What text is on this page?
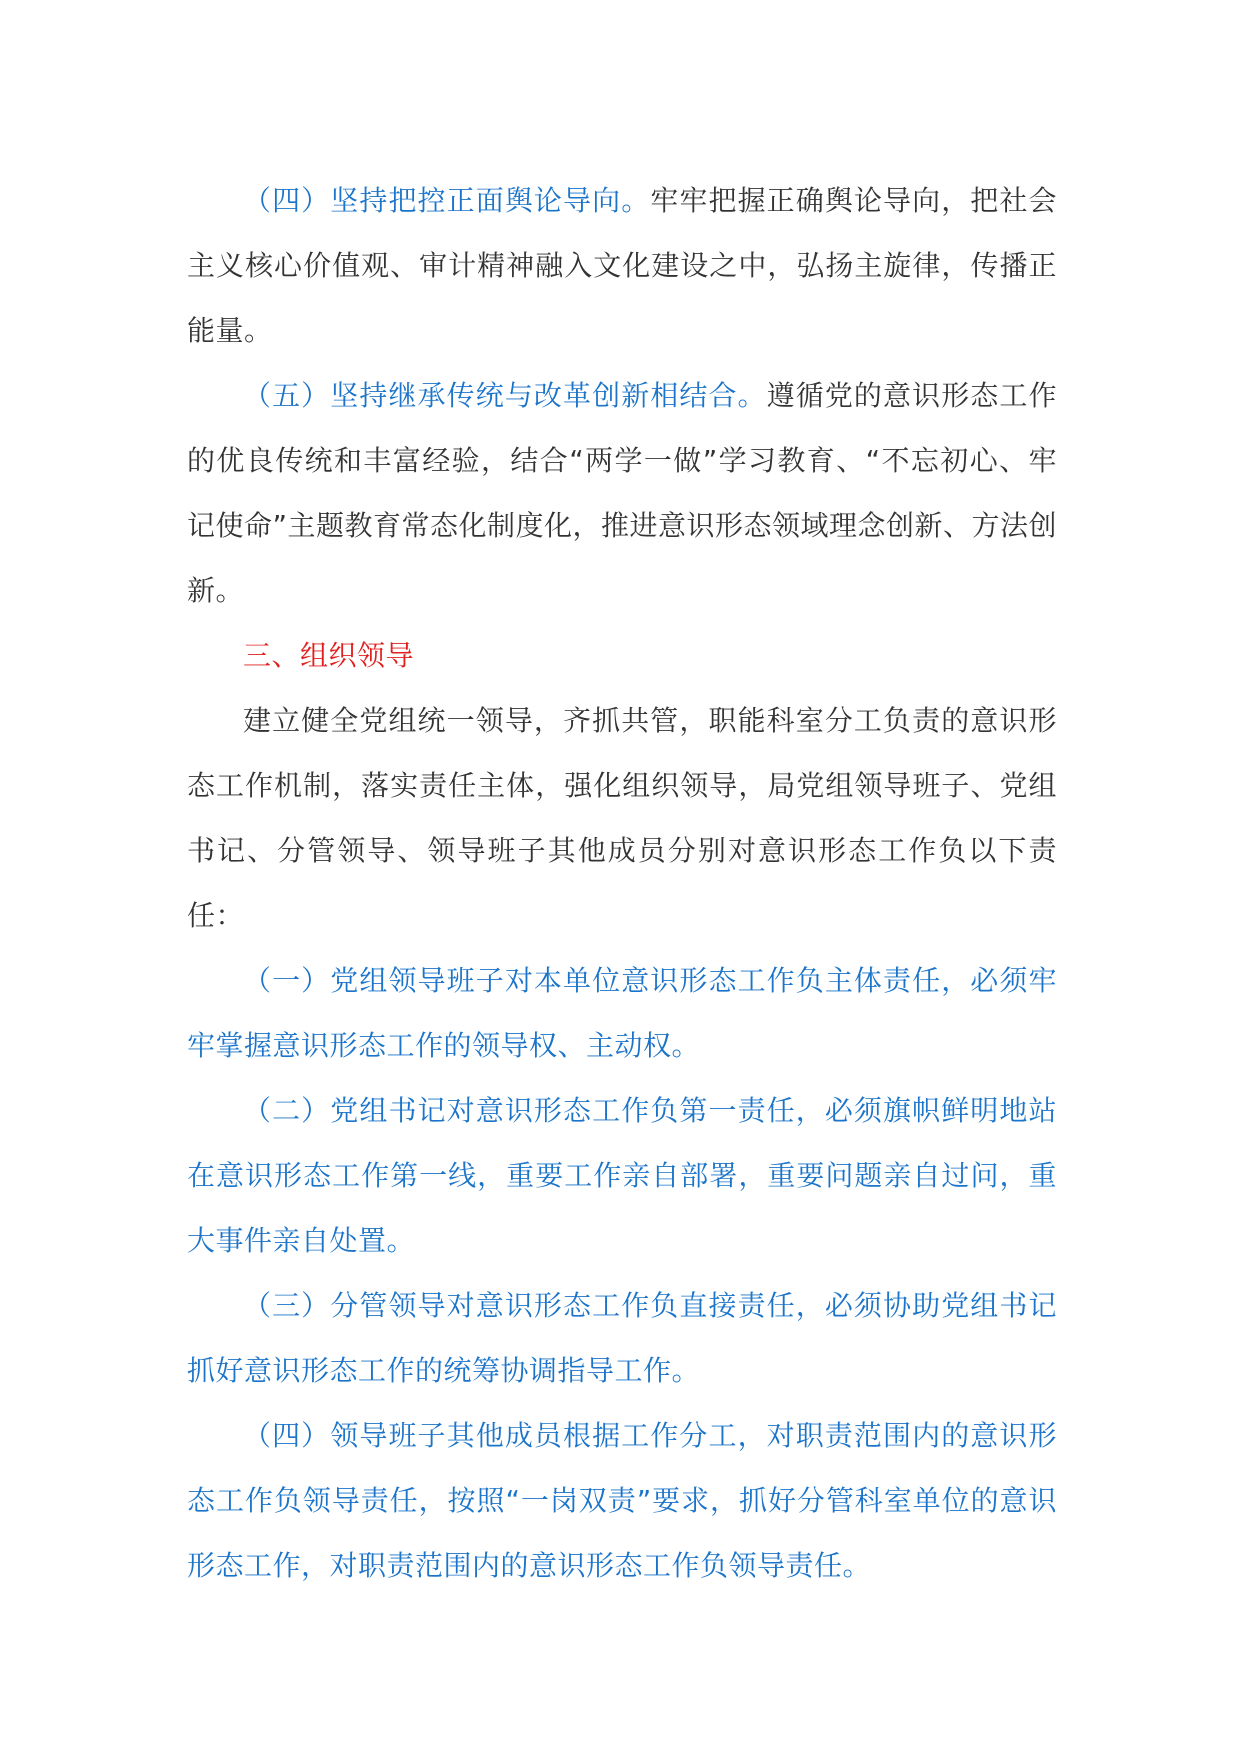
（四）坚持把控正面舆论导向。牢牢把握正确舆论导向，把社会主义核心价值观、审计精神融入文化建设之中，弘扬主旋律，传播正能量。

（五）坚持继承传统与改革创新相结合。遵循党的意识形态工作的优良传统和丰富经验，结合“两学一做”学习教育、“不忘初心、牢记使命”主题教育常态化制度化，推进意识形态领域理念创新、方法创新。

三、组织领导

建立健全党组统一领导，齐抓共管，职能科室分工负责的意识形态工作机制，落实责任主体，强化组织领导，局党组领导班子、党组书记、分管领导、领导班子其他成员分别对意识形态工作负以下责任：

（一）党组领导班子对本单位意识形态工作负主体责任，必须牢牢掌握意识形态工作的领导权、主动权。

（二）党组书记对意识形态工作负第一责任，必须旗帜鲜明地站在意识形态工作第一线，重要工作亲自部署，重要问题亲自过问，重大事件亲自处置。

（三）分管领导对意识形态工作负直接责任，必须协助党组书记抓好意识形态工作的统筹协调指导工作。

（四）领导班子其他成员根据工作分工，对职责范围内的意识形态工作负领导责任，按照“一岗双责”要求，抓好分管科室单位的意识形态工作，对职责范围内的意识形态工作负领导责任。
